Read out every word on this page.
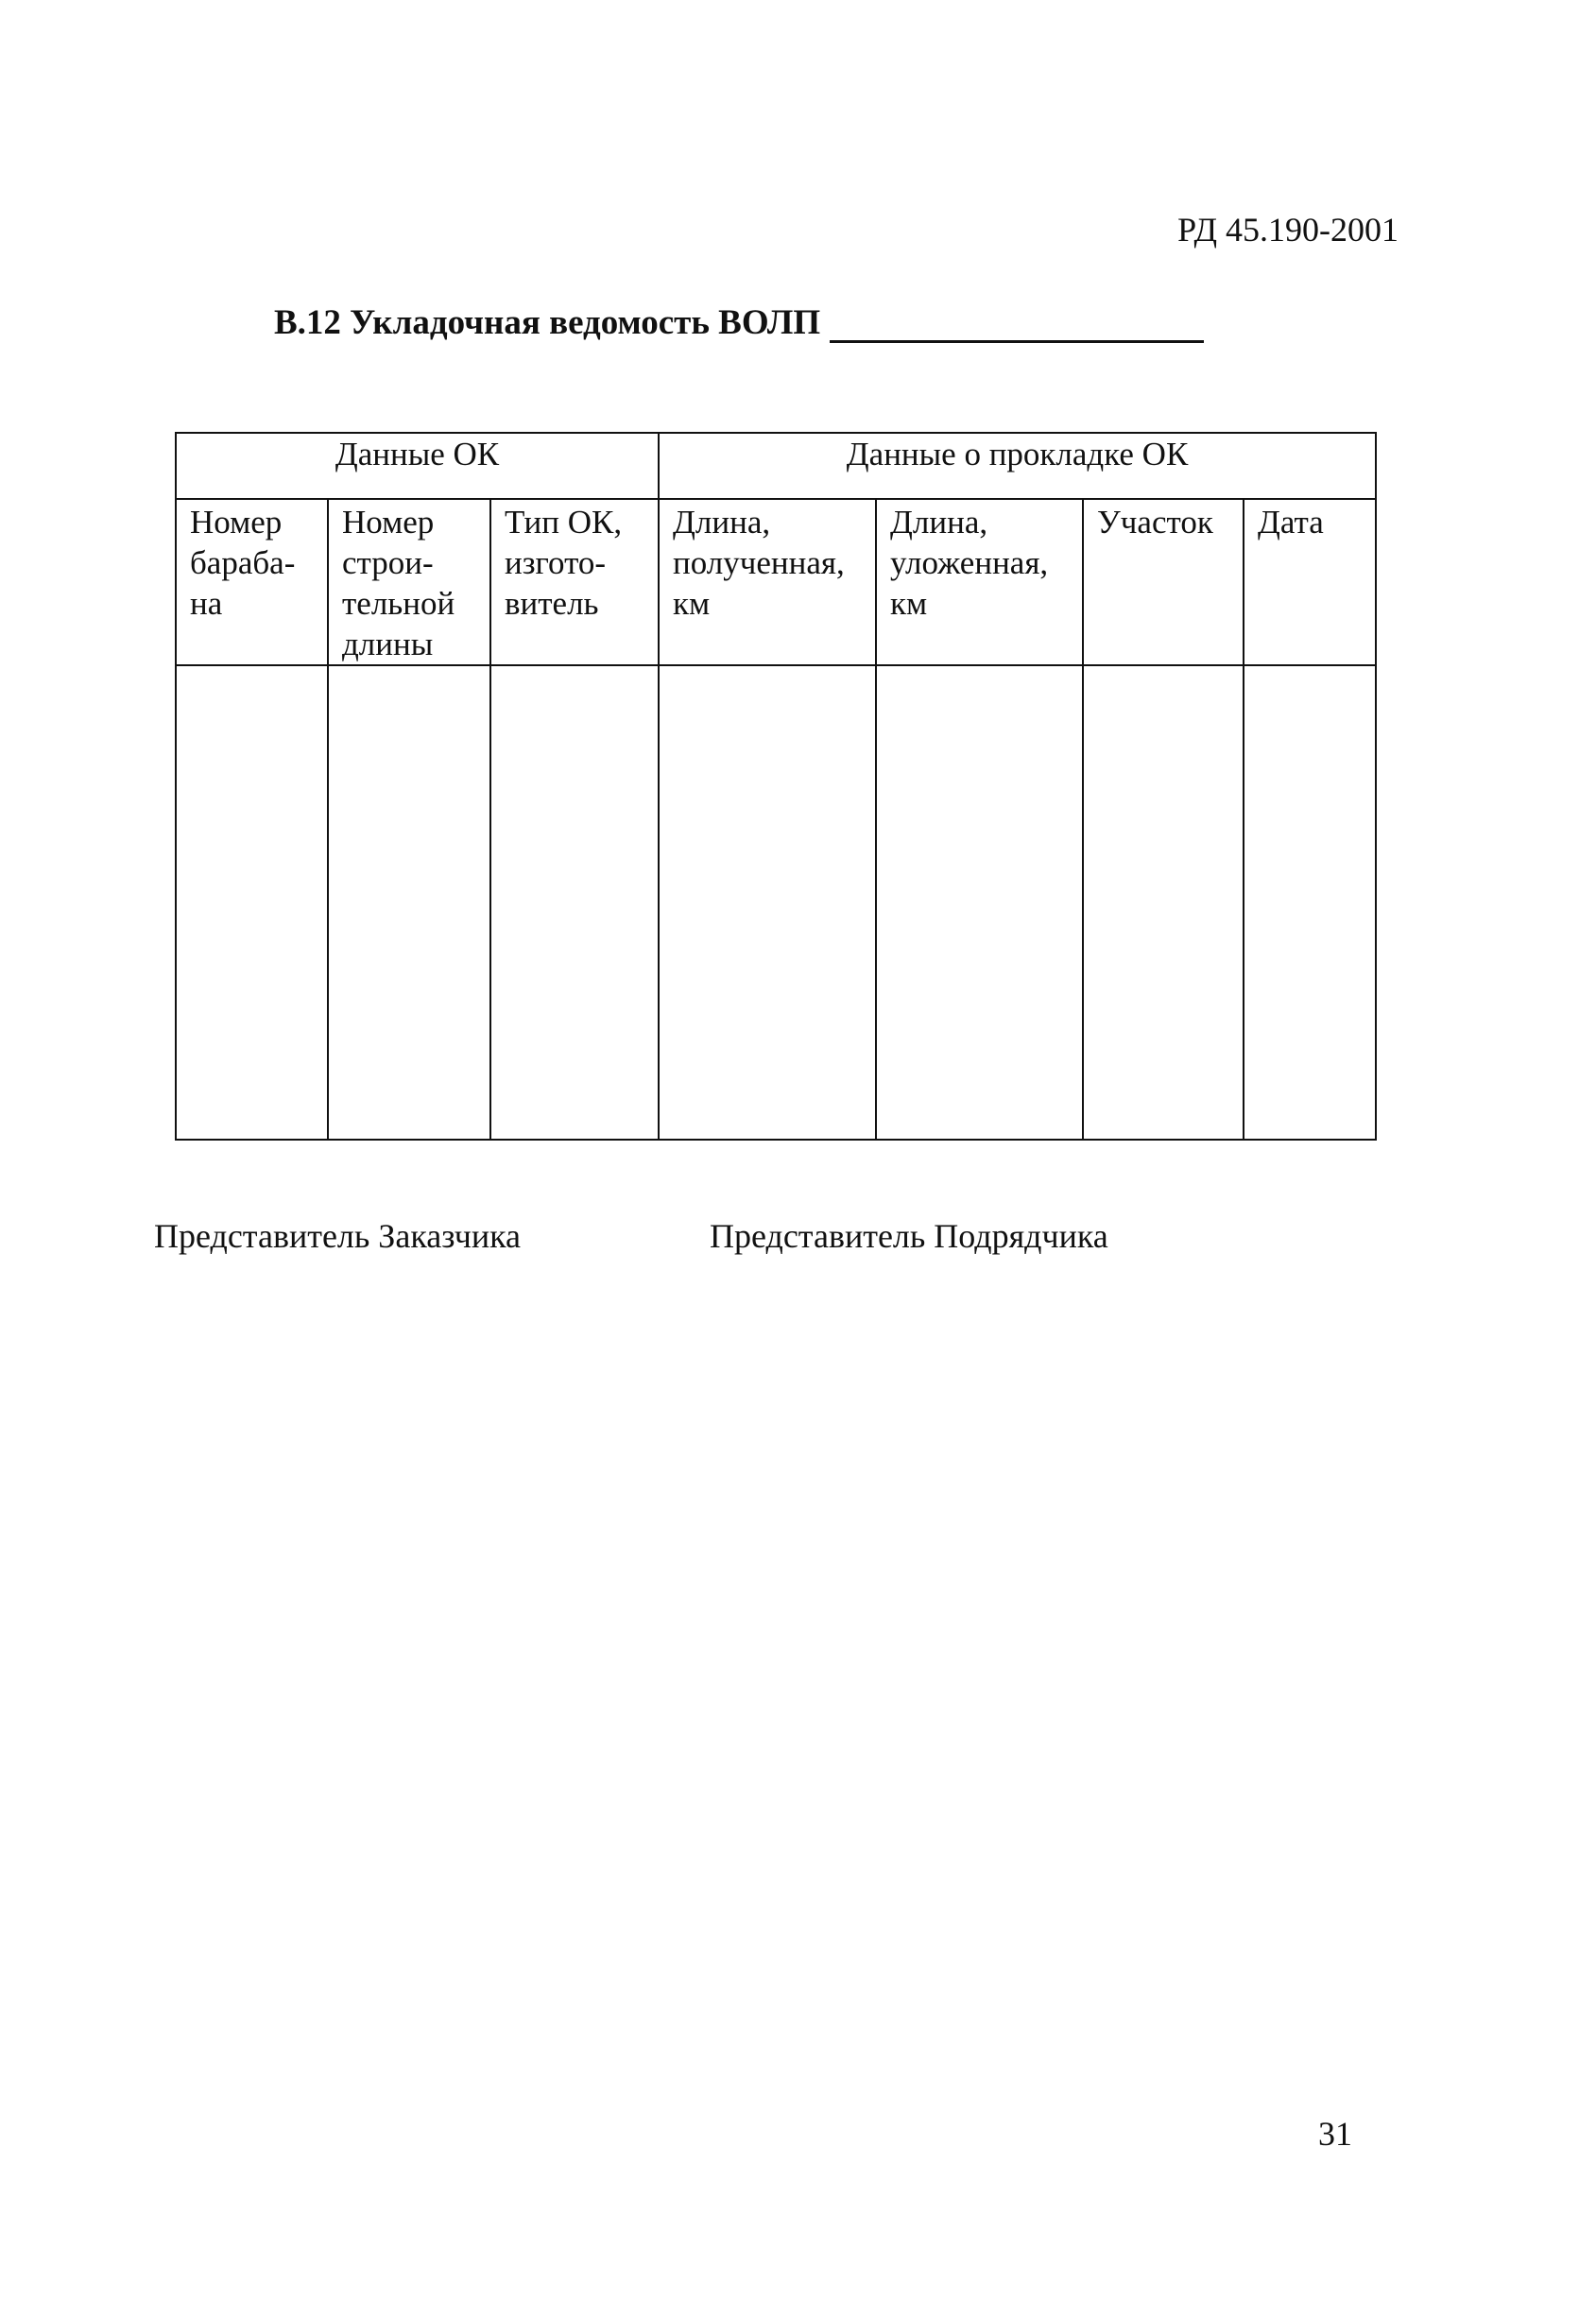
РД 45.190-2001
В.12 Укладочная ведомость ВОЛП
Данные ОК			Данные о прокладке ОК			

Номер
бараба-
на	Номер
строи-
тельной
длины	Тип ОК,
изгото-
витель	Длина,
полученная,
км	Длина,
уложенная,
км	Участок	Дата

Представитель Заказчика	Представитель Подрядчика
31
